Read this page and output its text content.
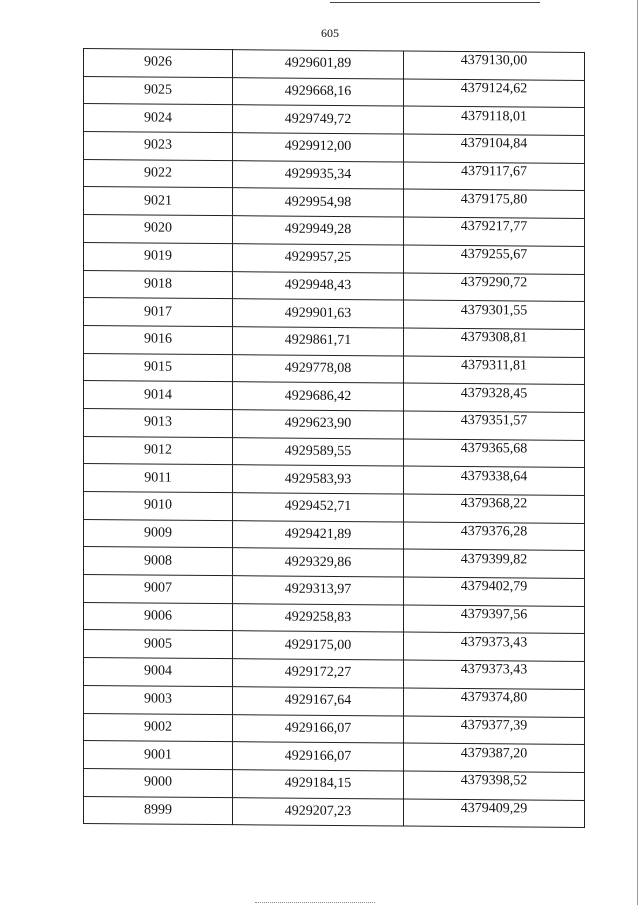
605
9026	4929601,89	4379130,00
9025	4929668,16	4379124,62
9024	4929749,72	4379118,01
9023	4929912,00	4379104,84
9022	4929935,34	4379117,67
9021	4929954,98	4379175,80
9020	4929949,28	4379217,77
9019	4929957,25	4379255,67
9018	4929948,43	4379290,72
9017	4929901,63	4379301,55
9016	4929861,71	4379308,81
9015	4929778,08	4379311,81
9014	4929686,42	4379328,45
9013	4929623,90	4379351,57
9012	4929589,55	4379365,68
9011	4929583,93	4379338,64
9010	4929452,71	4379368,22
9009	4929421,89	4379376,28
9008	4929329,86	4379399,82
9007	4929313,97	4379402,79
9006	4929258,83	4379397,56
9005	4929175,00	4379373,43
9004	4929172,27	4379373,43
9003	4929167,64	4379374,80
9002	4929166,07	4379377,39
9001	4929166,07	4379387,20
9000	4929184,15	4379398,52
8999	4929207,23	4379409,29
